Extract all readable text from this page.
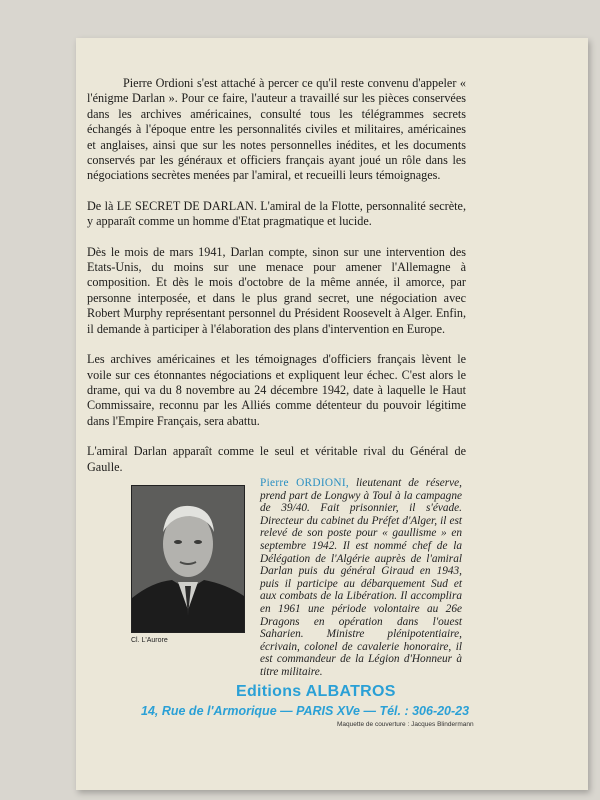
Pierre Ordioni s'est attaché à percer ce qu'il reste convenu d'appeler « l'énigme Darlan ». Pour ce faire, l'auteur a travaillé sur les pièces conservées dans les archives américaines, consulté tous les télégrammes secrets échangés à l'époque entre les personnalités civiles et militaires, américaines et anglaises, ainsi que sur les notes personnelles inédites, et les documents conservés par les généraux et officiers français ayant joué un rôle dans les négociations secrètes menées par l'amiral, et recueilli leurs témoignages.

De là LE SECRET DE DARLAN. L'amiral de la Flotte, personnalité secrète, y apparaît comme un homme d'Etat pragmatique et lucide.

Dès le mois de mars 1941, Darlan compte, sinon sur une intervention des Etats-Unis, du moins sur une menace pour amener l'Allemagne à composition. Et dès le mois d'octobre de la même année, il amorce, par personne interposée, et dans le plus grand secret, une négociation avec Robert Murphy représentant personnel du Président Roosevelt à Alger. Enfin, il demande à participer à l'élaboration des plans d'intervention en Europe.

Les archives américaines et les témoignages d'officiers français lèvent le voile sur ces étonnantes négociations et expliquent leur échec. C'est alors le drame, qui va du 8 novembre au 24 décembre 1942, date à laquelle le Haut Commissaire, reconnu par les Alliés comme détenteur du pouvoir légitime dans l'Empire Français, sera abattu.

L'amiral Darlan apparaît comme le seul et véritable rival du Général de Gaulle.

Cl. L'Aurore
Pierre ORDIONI, lieutenant de réserve, prend part de Longwy à Toul à la campagne de 39/40. Fait prisonnier, il s'évade. Directeur du cabinet du Préfet d'Alger, il est relevé de son poste pour « gaullisme » en septembre 1942. Il est nommé chef de la Délégation de l'Algérie auprès de l'amiral Darlan puis du général Giraud en 1943, puis il participe au débarquement Sud et aux combats de la Libération. Il accomplira en 1961 une période volontaire au 26e Dragons en opération dans l'ouest Saharien. Ministre plénipotentiaire, écrivain, colonel de cavalerie honoraire, il est commandeur de la Légion d'Honneur à titre militaire.
Editions ALBATROS
14, Rue de l'Armorique — PARIS XVe — Tél. : 306-20-23
Maquette de couverture : Jacques Blindermann
